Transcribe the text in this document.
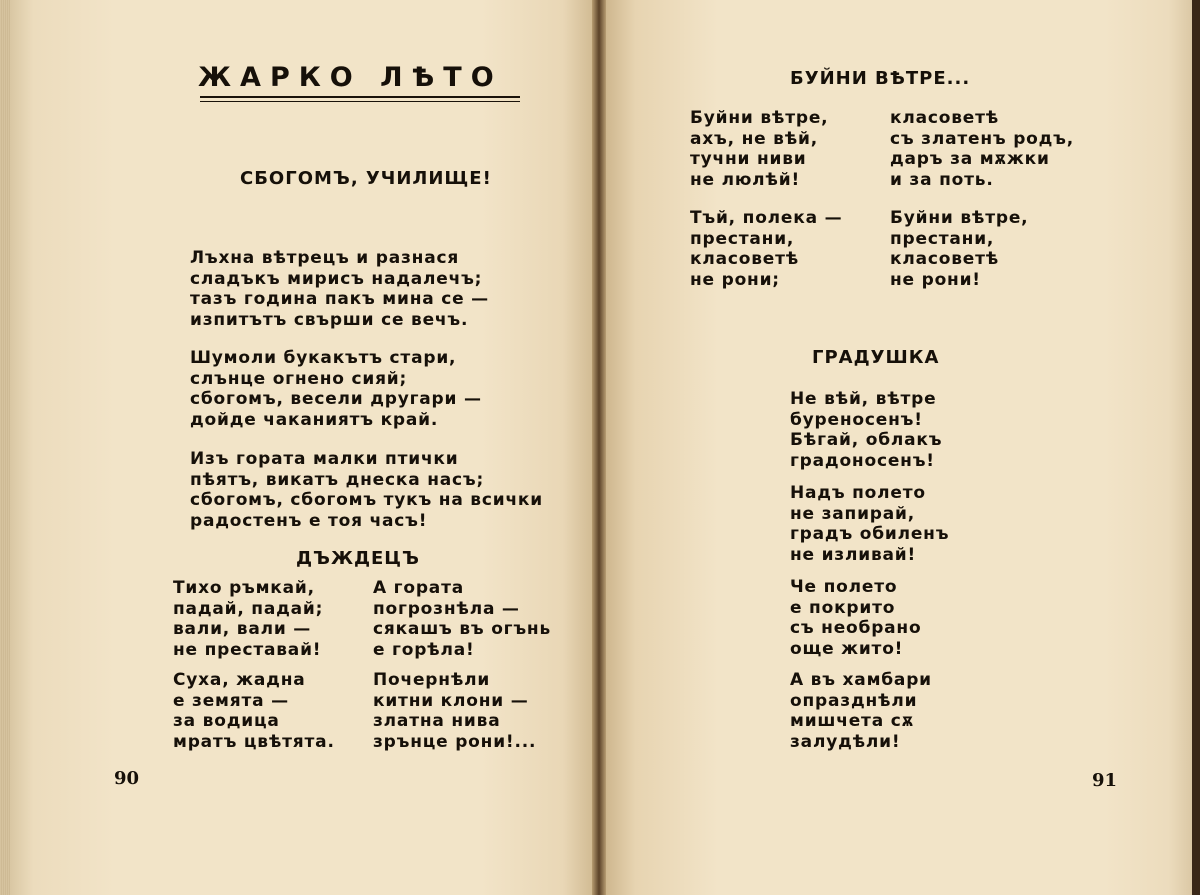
ЖАРКО ЛѢТО
СБОГОМЪ, УЧИЛИЩЕ!
Лъхна вѣтрецъ и разнася
сладъкъ мирисъ надалечъ;
тазъ година пакъ мина се —
изпитътъ свърши се вечъ.
Шумоли букакътъ стари,
слънце огнено сияй;
сбогомъ, весели другари —
дойде чаканиятъ край.
Изъ гората малки птички
пѣятъ, викатъ днеска насъ;
сбогомъ, сбогомъ тукъ на всички
радостенъ е тоя часъ!
ДЪЖДЕЦЪ
Тихо ръмкай,
падай, падай;
вали, вали —
не преставай!
Суха, жадна
е земята —
за водица
мратъ цвѣтята.
А гората
погрознѣла —
сякашъ въ огънь
е горѣла!
Почернѣли
китни клони —
златна нива
зрънце рони!...
90
БУЙНИ ВѢТРЕ...
Буйни вѣтре,
ахъ, не вѣй,
тучни ниви
не люлѣй!
Тъй, полека —
престани,
класоветѣ
не рони;
класоветѣ
съ златенъ родъ,
даръ за мѫжки
и за поть.
Буйни вѣтре,
престани,
класоветѣ
не рони!
ГРАДУШКА
Не вѣй, вѣтре
буреносенъ!
Бѣгай, облакъ
градоносенъ!
Надъ полето
не запирай,
градъ обиленъ
не изливай!
Че полето
е покрито
съ необрано
още жито!
А въ хамбари
опразднѣли
мишчета сѫ
залудѣли!
91
